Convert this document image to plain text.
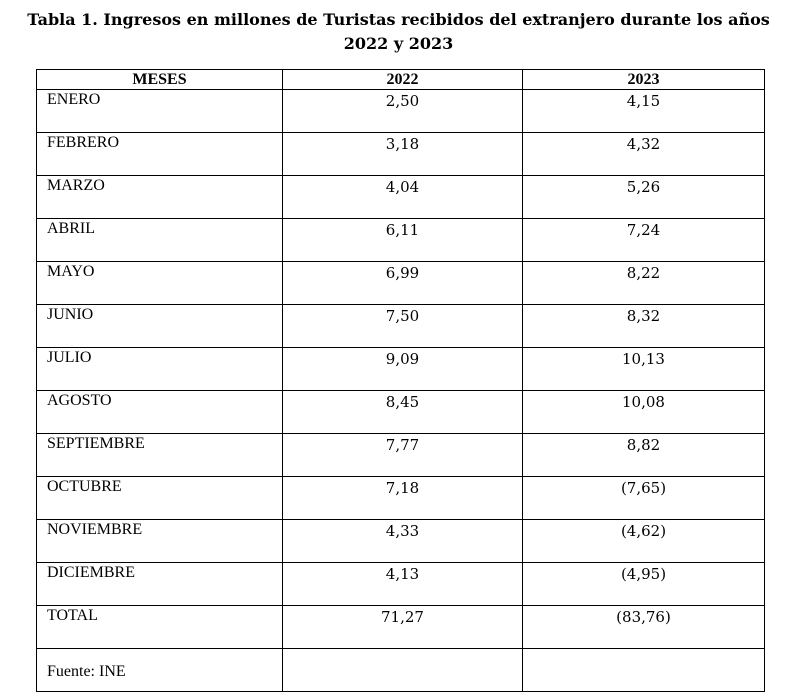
Tabla 1. Ingresos en millones de Turistas recibidos del extranjero durante los años
2022 y 2023
MESES	2022	2023

ENERO	2,50	4,15
FEBRERO	3,18	4,32
MARZO	4,04	5,26
ABRIL	6,11	7,24
MAYO	6,99	8,22
JUNIO	7,50	8,32
JULIO	9,09	10,13
AGOSTO	8,45	10,08
SEPTIEMBRE	7,77	8,82
OCTUBRE	7,18	(7,65)
NOVIEMBRE	4,33	(4,62)
DICIEMBRE	4,13	(4,95)
TOTAL	71,27	(83,76)

Fuente: INE
